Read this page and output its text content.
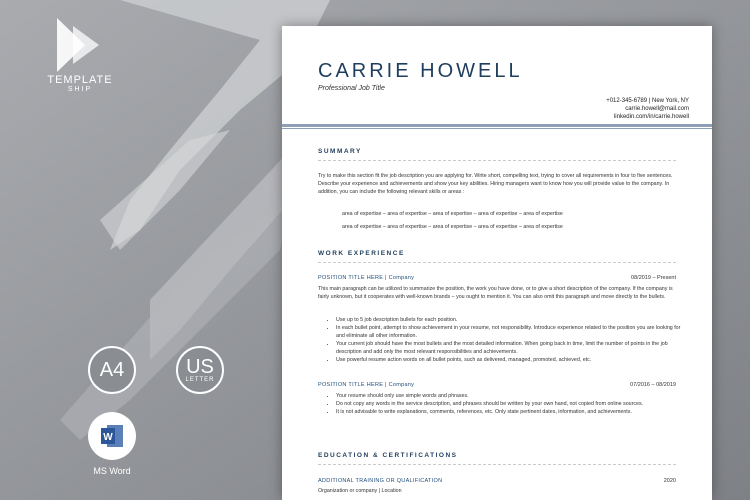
TEMPLATE
SHIP
A4	US
LETTER
W
MS Word
CARRIE HOWELL
Professional Job Title
+012-345-6789 | New York, NY
carrie.howell@mail.com
linkedin.com/in/carrie.howell
SUMMARY
Try to make this section fit the job description you are applying for. Write short, compelling text, trying to cover all requirements in four to five sentences. Describe your experience and achievements and show your key abilities. Hiring managers want to know how you will provide value to the company. In addition, you can include the following relevant skills or areas :
area of expertise – area of expertise – area of expertise – area of expertise – area of expertise
area of expertise – area of expertise – area of expertise – area of expertise – area of expertise
WORK EXPERIENCE
POSITION TITLE HERE | Company	08/2019 – Present
This main paragraph can be utilized to summarize the position, the work you have done, or to give a short description of the company. If the company is fairly unknown, but it cooperates with well-known brands – you ought to mention it. You can also omit this paragraph and move directly to the bullets.
• Use up to 5 job description bullets for each position.
• In each bullet point, attempt to show achievement in your resume, not responsibility. Introduce experience related to the position you are looking for and eliminate all other information.
• Your current job should have the most bullets and the most detailed information. When going back in time, limit the number of points in the job description and add only the most relevant responsibilities and achievements.
• Use powerful resume action words on all bullet points, such as delivered, managed, promoted, achieved, etc.
POSITION TITLE HERE | Company	07/2016 – 08/2019
• Your resume should only use simple words and phrases.
• Do not copy any words in the service description, and phrases should be written by your own hand, not copied from online sources.
• It is not advisable to write explanations, comments, references, etc. Only state pertinent dates, information, and achievements.
EDUCATION & CERTIFICATIONS
ADDITIONAL TRAINING OR QUALIFICATION	2020
Organization or company | Location
